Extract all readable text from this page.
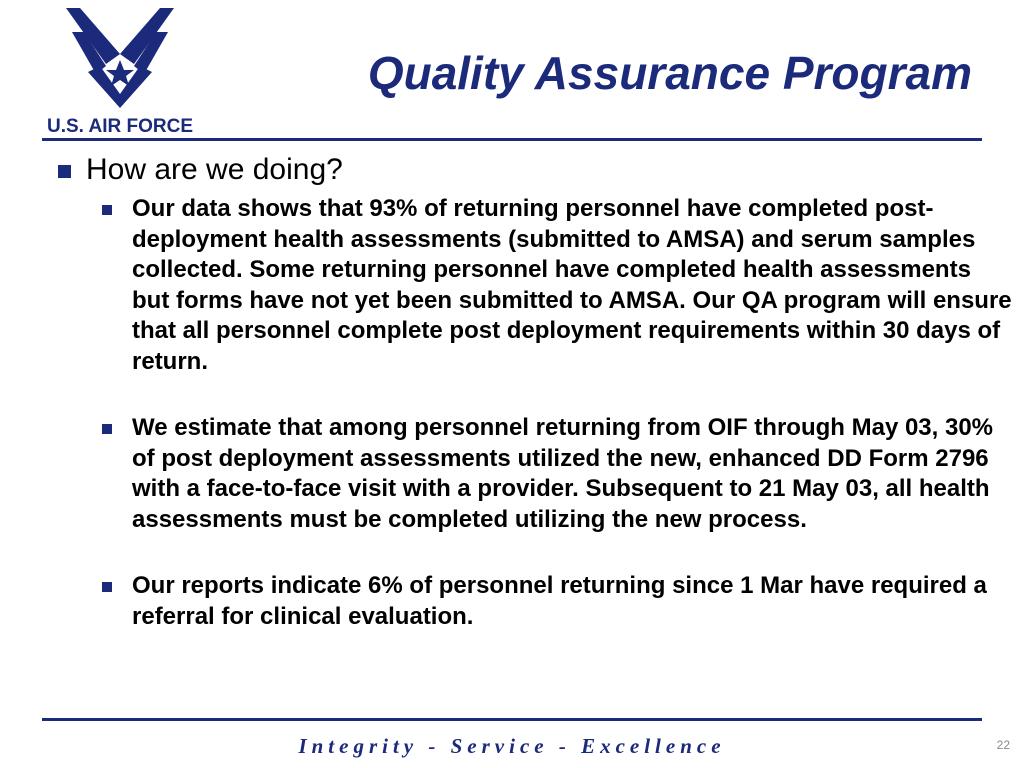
U.S. AIR FORCE
Quality Assurance Program

How are we doing?

Our data shows that 93% of returning personnel have completed post-deployment health assessments (submitted to AMSA) and serum samples collected. Some returning personnel have completed health assessments but forms have not yet been submitted to AMSA. Our QA program will ensure that all personnel complete post deployment requirements within 30 days of return.

We estimate that among personnel returning from OIF through May 03, 30% of post deployment assessments utilized the new, enhanced DD Form 2796 with a face-to-face visit with a provider. Subsequent to 21 May 03, all health assessments must be completed utilizing the new process.

Our reports indicate 6% of personnel returning since 1 Mar have required a referral for clinical evaluation.

Integrity - Service - Excellence	22
